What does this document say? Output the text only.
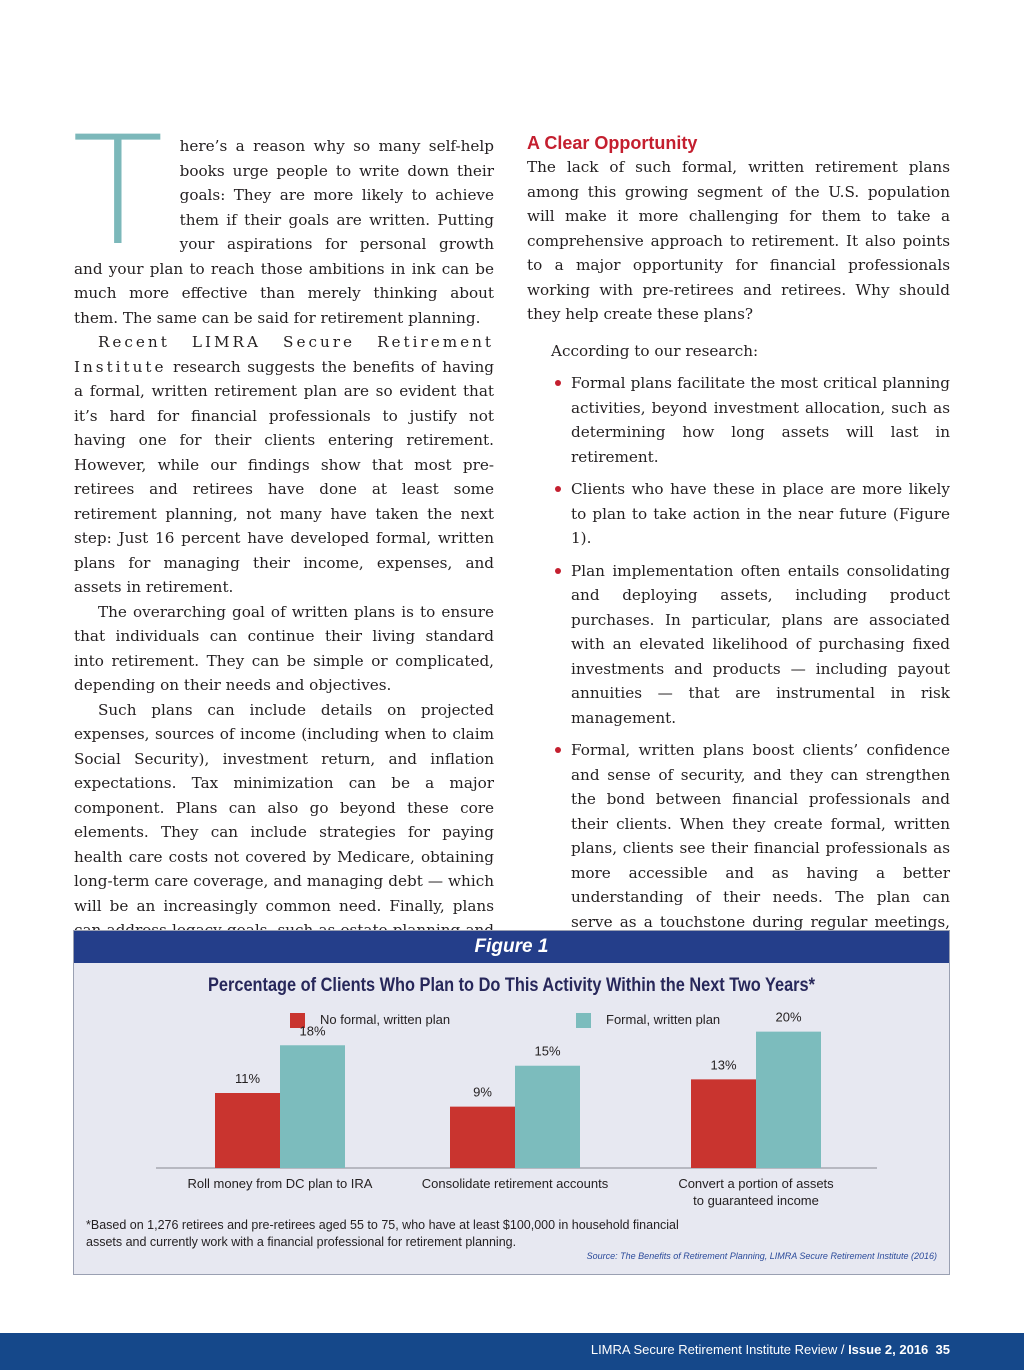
T	here’s a reason why so many self-help books urge people to write down their goals: They are more likely to achieve them if their goals are written. Putting your aspirations for personal growth and your plan to reach those ambitions in ink can be much more effective than merely thinking about them. The same can be said for retirement planning.

Recent LIMRA Secure Retirement Institute research suggests the benefits of having a formal, written retirement plan are so evident that it’s hard for financial professionals to justify not having one for their clients entering retirement. However, while our findings show that most pre-retirees and retirees have done at least some retirement planning, not many have taken the next step: Just 16 percent have developed formal, written plans for managing their income, expenses, and assets in retirement.

The overarching goal of written plans is to ensure that individuals can continue their living standard into retirement. They can be simple or complicated, depending on their needs and objectives.

Such plans can include details on projected expenses, sources of income (including when to claim Social Security), investment return, and inflation expectations. Tax minimization can be a major component. Plans can also go beyond these core elements. They can include strategies for paying health care costs not covered by Medicare, obtaining long-term care coverage, and managing debt — which will be an increasingly common need. Finally, plans

A Clear Opportunity

The lack of such formal, written retirement plans among this growing segment of the U.S. population will make it more challenging for them to take a comprehensive approach to retirement. It also points to a major opportunity for financial professionals working with pre-retirees and retirees. Why should they help create these plans?

According to our research:

Formal plans facilitate the most critical planning activities, beyond investment allocation, such as determining how long assets will last in retirement.
Clients who have these in place are more likely to plan to take action in the near future (Figure 1).
Plan implementation often entails consolidating and deploying assets, including product purchases. In particular, plans are associated with an elevated likelihood of purchasing fixed investments and products — including payout annuities — that are instrumental in risk management.
Formal, written plans boost clients’ confidence and sense of security, and they can strengthen the bond between financial professionals and their clients. When they create formal, written plans, clients see their financial professionals as more accessible and as having a better understanding of their needs. The plan can serve as a touchstone during regular meetings,
Figure 1
Percentage of Clients Who Plan to Do This Activity Within the Next Two Years*
No formal, written plan	Formal, written plan
11%
18%
Roll money from DC plan to IRA
9%
15%
Consolidate retirement accounts
13%
20%
Convert a portion of assets
to guaranteed income
*Based on 1,276 retirees and pre-retirees aged 55 to 75, who have at least $100,000 in household financial assets and currently work with a financial professional for retirement planning.
Source: The Benefits of Retirement Planning, LIMRA Secure Retirement Institute (2016)
LIMRA Secure Retirement Institute Review / Issue 2, 2016 35
